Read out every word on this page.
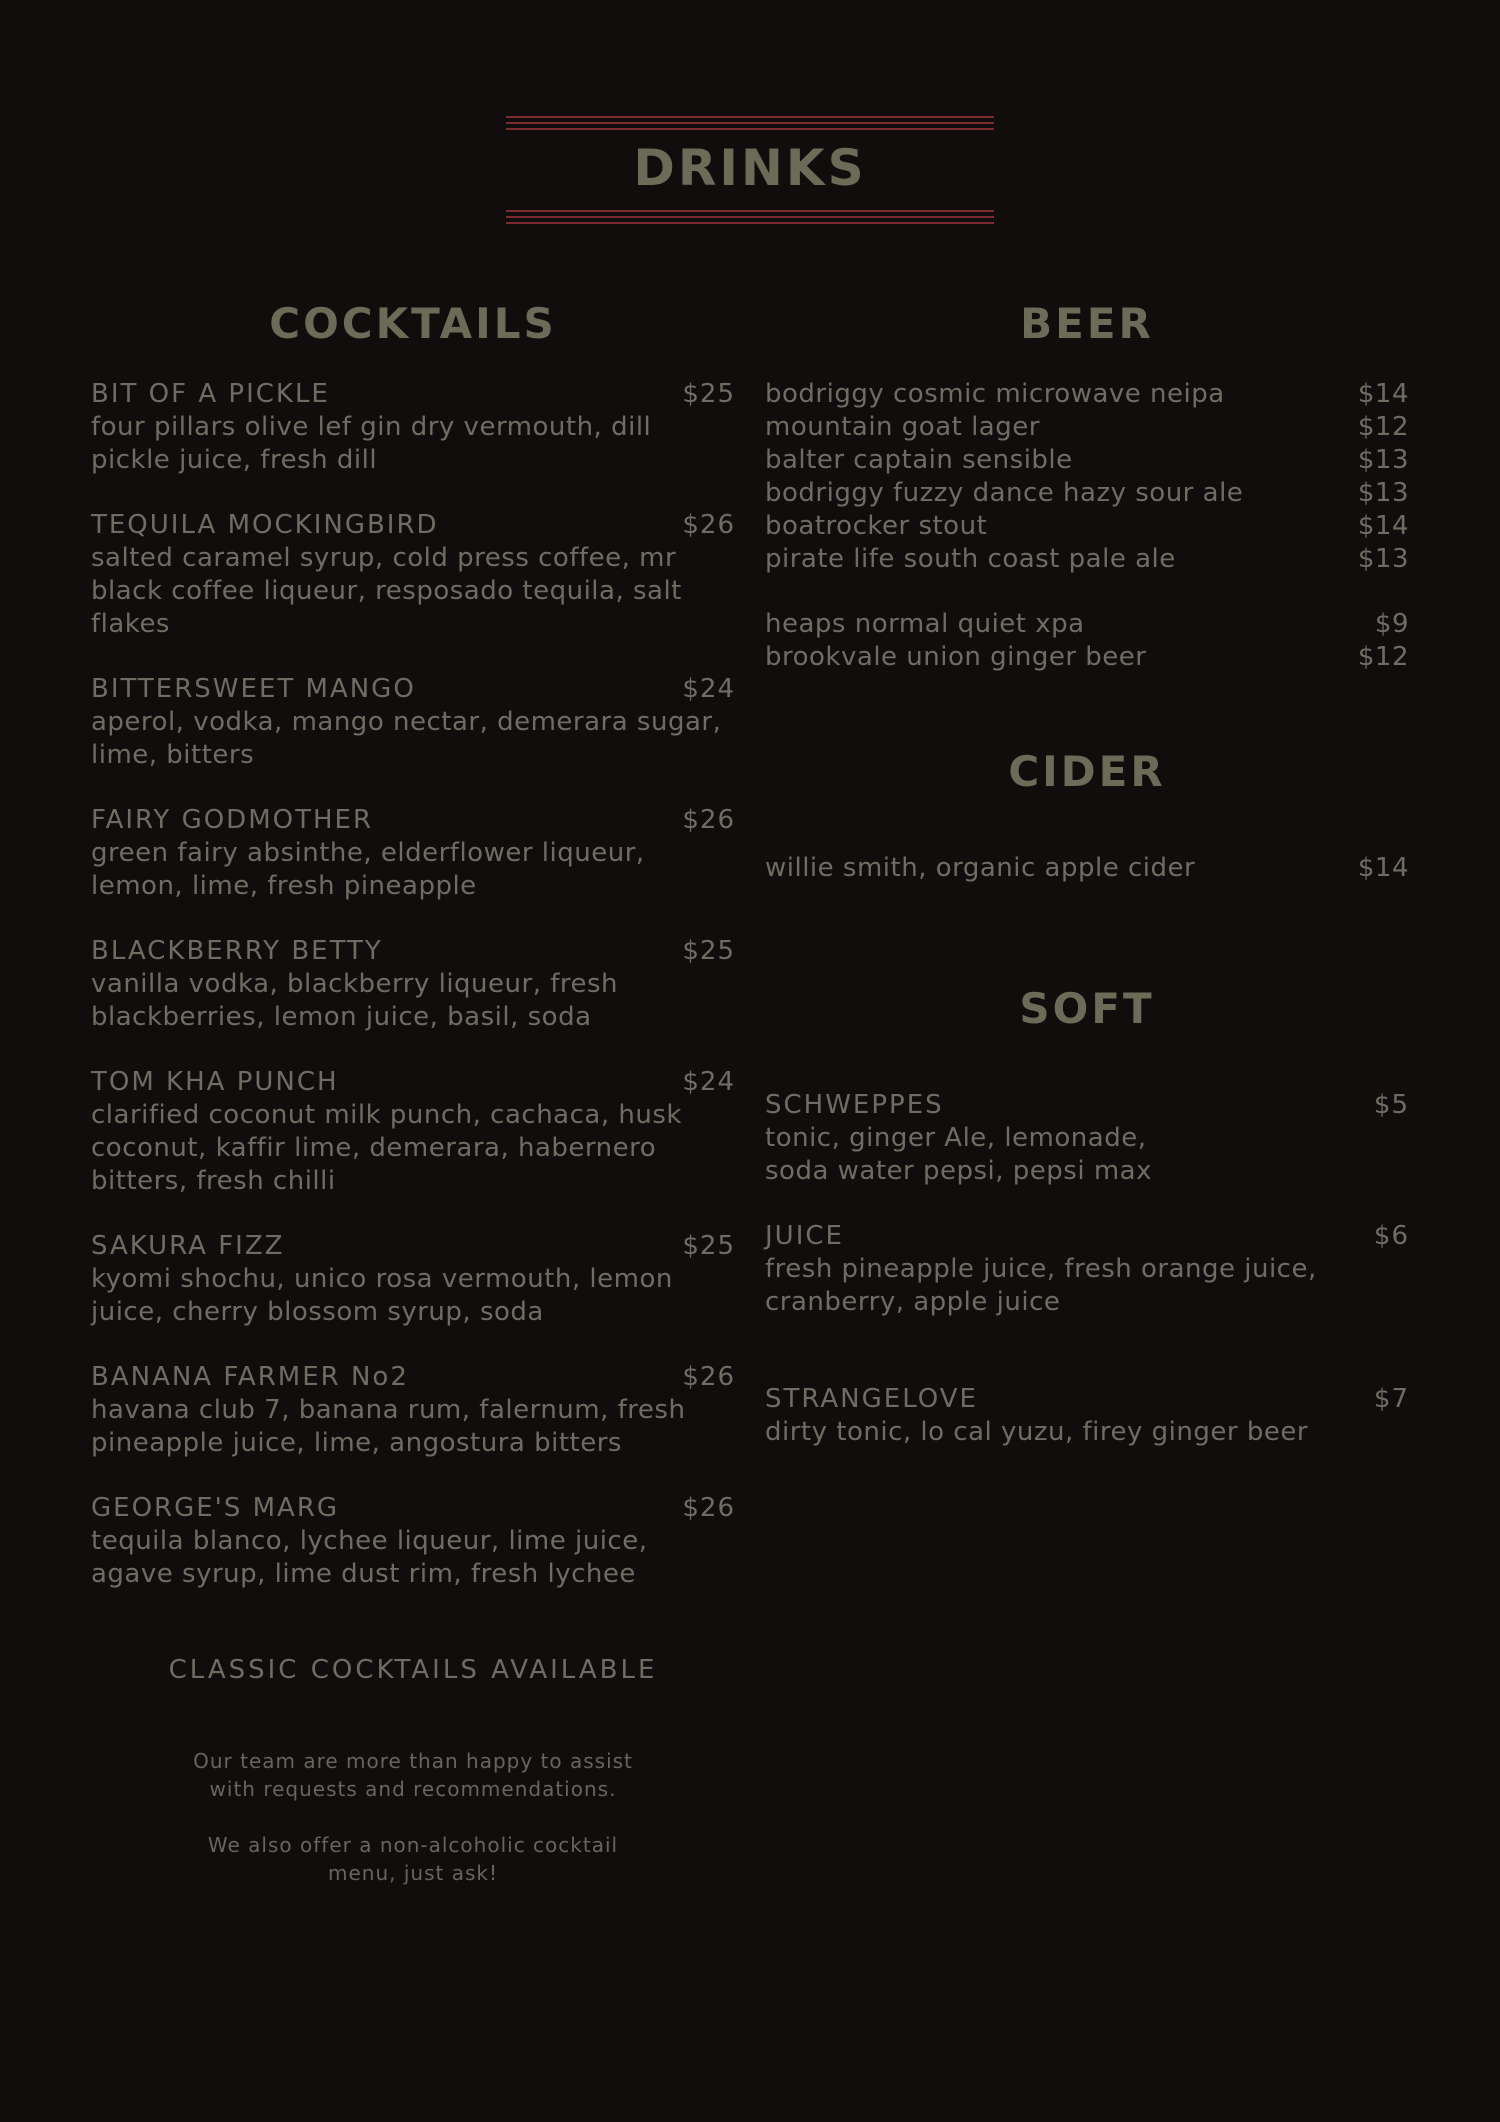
DRINKS
COCKTAILS
BIT OF A PICKLE	$25
four pillars olive lef gin dry vermouth, dill pickle juice, fresh dill
TEQUILA MOCKINGBIRD	$26
salted caramel syrup, cold press coffee, mr black coffee liqueur, resposado tequila, salt flakes
BITTERSWEET MANGO	$24
aperol, vodka, mango nectar, demerara sugar, lime, bitters
FAIRY GODMOTHER	$26
green fairy absinthe, elderflower liqueur, lemon, lime, fresh pineapple
BLACKBERRY BETTY	$25
vanilla vodka, blackberry liqueur, fresh blackberries, lemon juice, basil, soda
TOM KHA PUNCH	$24
clarified coconut milk punch, cachaca, husk coconut, kaffir lime, demerara, habernero bitters, fresh chilli
SAKURA FIZZ	$25
kyomi shochu, unico rosa vermouth, lemon juice, cherry blossom syrup, soda
BANANA FARMER No2	$26
havana club 7, banana rum, falernum, fresh pineapple juice, lime, angostura bitters
GEORGE'S MARG	$26
tequila blanco, lychee liqueur, lime juice, agave syrup, lime dust rim, fresh lychee
CLASSIC COCKTAILS AVAILABLE
Our team are more than happy to assist with requests and recommendations.
We also offer a non-alcoholic cocktail menu, just ask!
BEER
bodriggy cosmic microwave neipa	$14
mountain goat lager	$12
balter captain sensible	$13
bodriggy fuzzy dance hazy sour ale	$13
boatrocker stout	$14
pirate life south coast pale ale	$13
heaps normal quiet xpa	$9
brookvale union ginger beer	$12
CIDER
willie smith, organic apple cider	$14
SOFT
SCHWEPPES	$5
tonic, ginger Ale, lemonade,
soda water pepsi, pepsi max
JUICE	$6
fresh pineapple juice, fresh orange juice,
cranberry, apple juice
STRANGELOVE	$7
dirty tonic, lo cal yuzu, firey ginger beer
